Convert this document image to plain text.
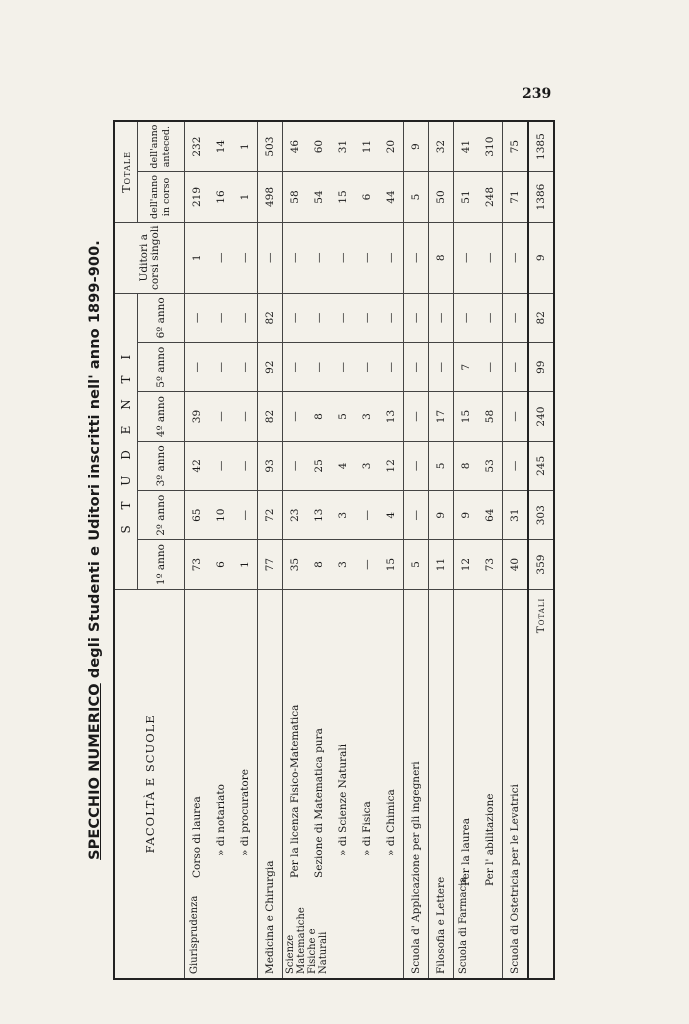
239
SPECCHIO NUMERICO degli Studenti e Uditori inscritti nell' anno 1899-900.
FACOLTÀ E SCUOLE	S T U D E N T I						Uditori a corsi singoli	Totale	
	1º anno	2º anno	3º anno	4º anno	5º anno	6º anno		dell'anno in corso	dell'anno anteced.

Giurisprudenza
Corso di laurea	73	65	42	39	—	—	1	219	232
» di notariato	6	10	—	—	—	—	—	16	14
» di procuratore	1	—	—	—	—	—	—	1	1
Medicina e Chirurgia	77	72	93	82	92	82	—	498	503

Scienze Matematiche Fisiche e Naturali
Per la licenza Fisico-Matematica	35	23	—	—	—	—	—	58	46
Sezione di Matematica pura	8	13	25	8	—	—	—	54	60
» di Scienze Naturali	3	3	4	5	—	—	—	15	31
» di Fisica	—	—	3	3	—	—	—	6	11
» di Chimica	15	4	12	13	—	—	—	44	20
Scuola d' Applicazione per gli ingegneri	5	—	—	—	—	—	—	5	9
Filosofia e Lettere	11	9	5	17	—	—	8	50	32

Scuola di Farmacia
Per la laurea	12	9	8	15	7	—	—	51	41
Per l' abilitazione	73	64	53	58	—	—	—	248	310
Scuola di Ostetricia per le Levatrici	40	31	—	—	—	—	—	71	75
Totali	359	303	245	240	99	82	9	1386	1385
